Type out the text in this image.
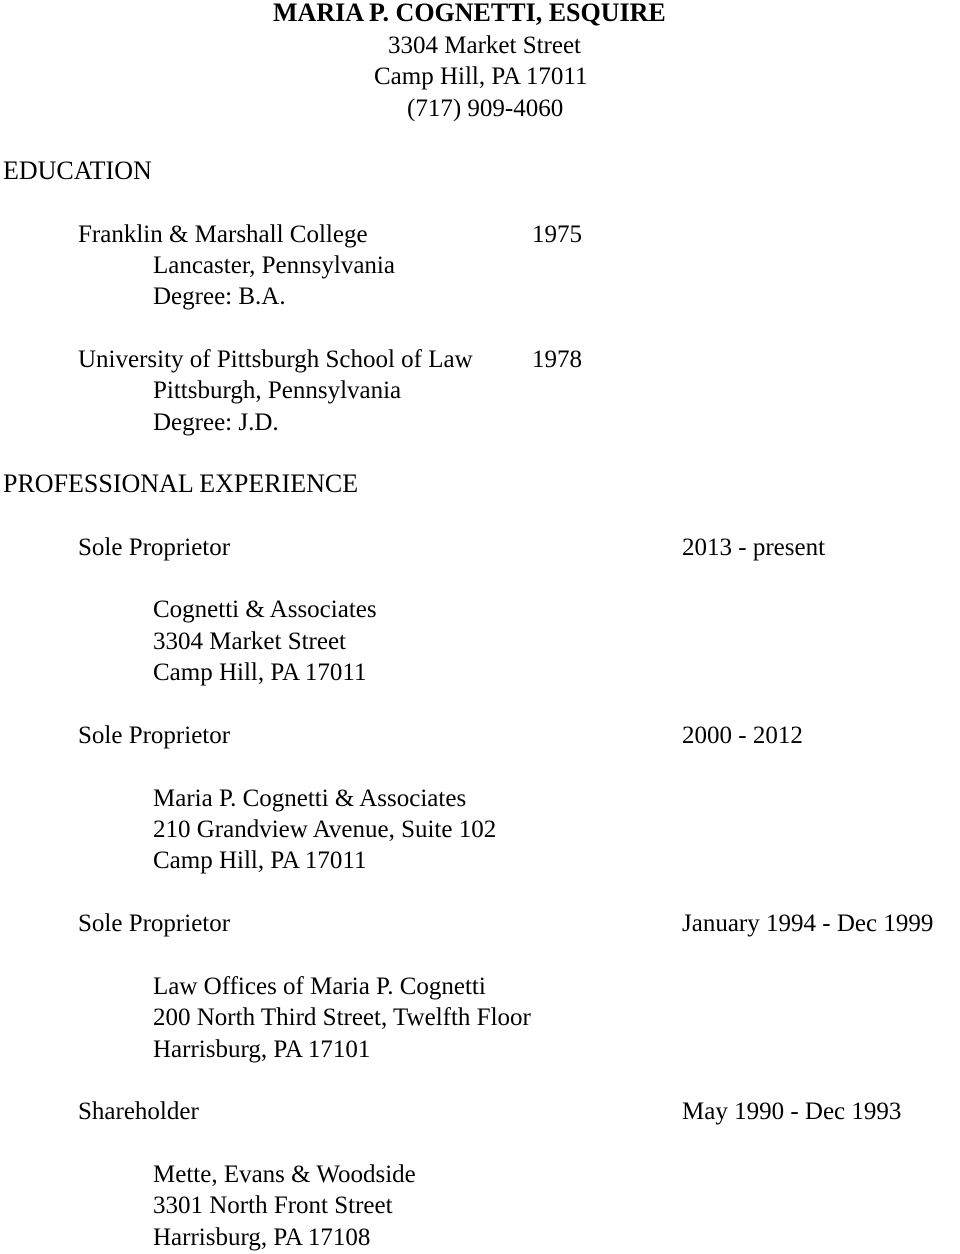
MARIA P. COGNETTI, ESQUIRE
3304 Market Street
Camp Hill, PA 17011
(717) 909-4060
EDUCATION
Franklin & Marshall College	1975
Lancaster, Pennsylvania
Degree: B.A.
University of Pittsburgh School of Law 1978
Pittsburgh, Pennsylvania
Degree: J.D.
PROFESSIONAL EXPERIENCE
Sole Proprietor	2013 - present
Cognetti & Associates
3304 Market Street
Camp Hill, PA 17011
Sole Proprietor	2000 - 2012
Maria P. Cognetti & Associates
210 Grandview Avenue, Suite 102
Camp Hill, PA 17011
Sole Proprietor	January 1994 - Dec 1999
Law Offices of Maria P. Cognetti
200 North Third Street, Twelfth Floor
Harrisburg, PA 17101
Shareholder	May 1990 - Dec 1993
Mette, Evans & Woodside
3301 North Front Street
Harrisburg, PA 17108
